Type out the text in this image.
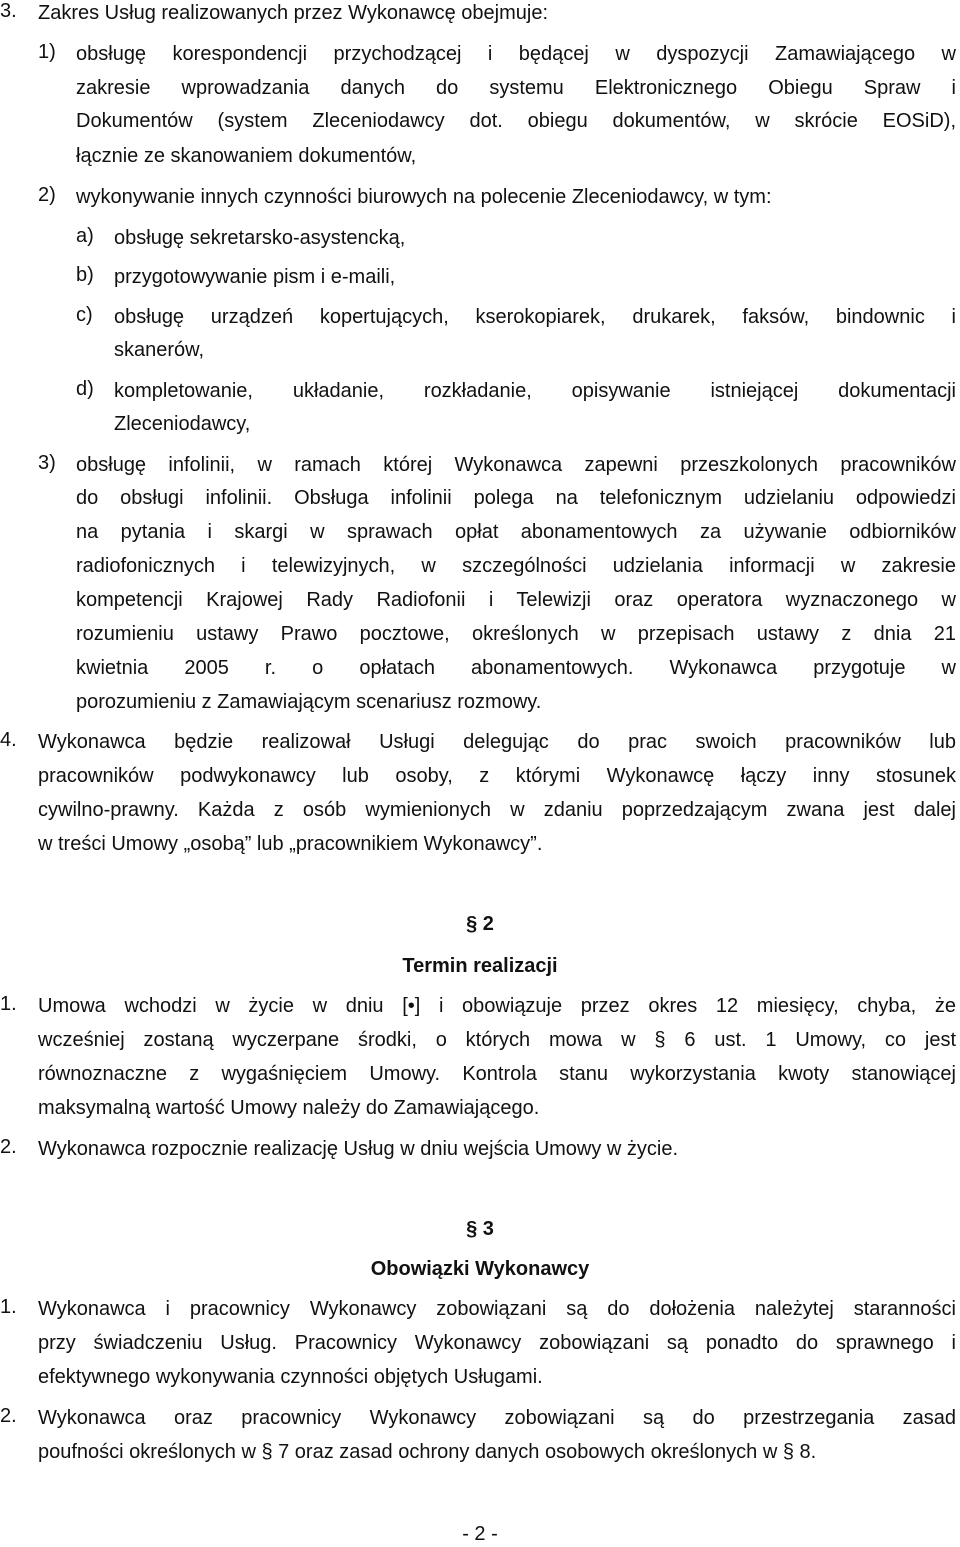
3. Zakres Usług realizowanych przez Wykonawcę obejmuje:

1) obsługę korespondencji przychodzącej i będącej w dyspozycji Zamawiającego w

zakresie wprowadzania danych do systemu Elektronicznego Obiegu Spraw i

Dokumentów (system Zleceniodawcy dot. obiegu dokumentów, w skrócie EOSiD),

łącznie ze skanowaniem dokumentów,

2) wykonywanie innych czynności biurowych na polecenie Zleceniodawcy, w tym:

a) obsługę sekretarsko-asystencką,

b) przygotowywanie pism i e-maili,

c) obsługę urządzeń kopertujących, kserokopiarek, drukarek, faksów, bindownic i

skanerów,

d) kompletowanie, układanie, rozkładanie, opisywanie istniejącej dokumentacji

Zleceniodawcy,

3) obsługę infolinii, w ramach której Wykonawca zapewni przeszkolonych pracowników

do obsługi infolinii. Obsługa infolinii polega na telefonicznym udzielaniu odpowiedzi

na pytania i skargi w sprawach opłat abonamentowych za używanie odbiorników

radiofonicznych i telewizyjnych, w szczególności udzielania informacji w zakresie

kompetencji Krajowej Rady Radiofonii i Telewizji oraz operatora wyznaczonego w

rozumieniu ustawy Prawo pocztowe, określonych w przepisach ustawy z dnia 21

kwietnia 2005 r. o opłatach abonamentowych. Wykonawca przygotuje w

porozumieniu z Zamawiającym scenariusz rozmowy.

4. Wykonawca będzie realizował Usługi delegując do prac swoich pracowników lub

pracowników podwykonawcy lub osoby, z którymi Wykonawcę łączy inny stosunek

cywilno-prawny. Każda z osób wymienionych w zdaniu poprzedzającym zwana jest dalej

w treści Umowy „osobą” lub „pracownikiem Wykonawcy”.

§ 2
Termin realizacji
1. Umowa wchodzi w życie w dniu [•] i obowiązuje przez okres 12 miesięcy, chyba, że

wcześniej zostaną wyczerpane środki, o których mowa w § 6 ust. 1 Umowy, co jest

równoznaczne z wygaśnięciem Umowy. Kontrola stanu wykorzystania kwoty stanowiącej

maksymalną wartość Umowy należy do Zamawiającego.

2. Wykonawca rozpocznie realizację Usług w dniu wejścia Umowy w życie.

§ 3
Obowiązki Wykonawcy
1. Wykonawca i pracownicy Wykonawcy zobowiązani są do dołożenia należytej staranności

przy świadczeniu Usług. Pracownicy Wykonawcy zobowiązani są ponadto do sprawnego i

efektywnego wykonywania czynności objętych Usługami.

2. Wykonawca oraz pracownicy Wykonawcy zobowiązani są do przestrzegania zasad

poufności określonych w § 7 oraz zasad ochrony danych osobowych określonych w § 8.

- 2 -
